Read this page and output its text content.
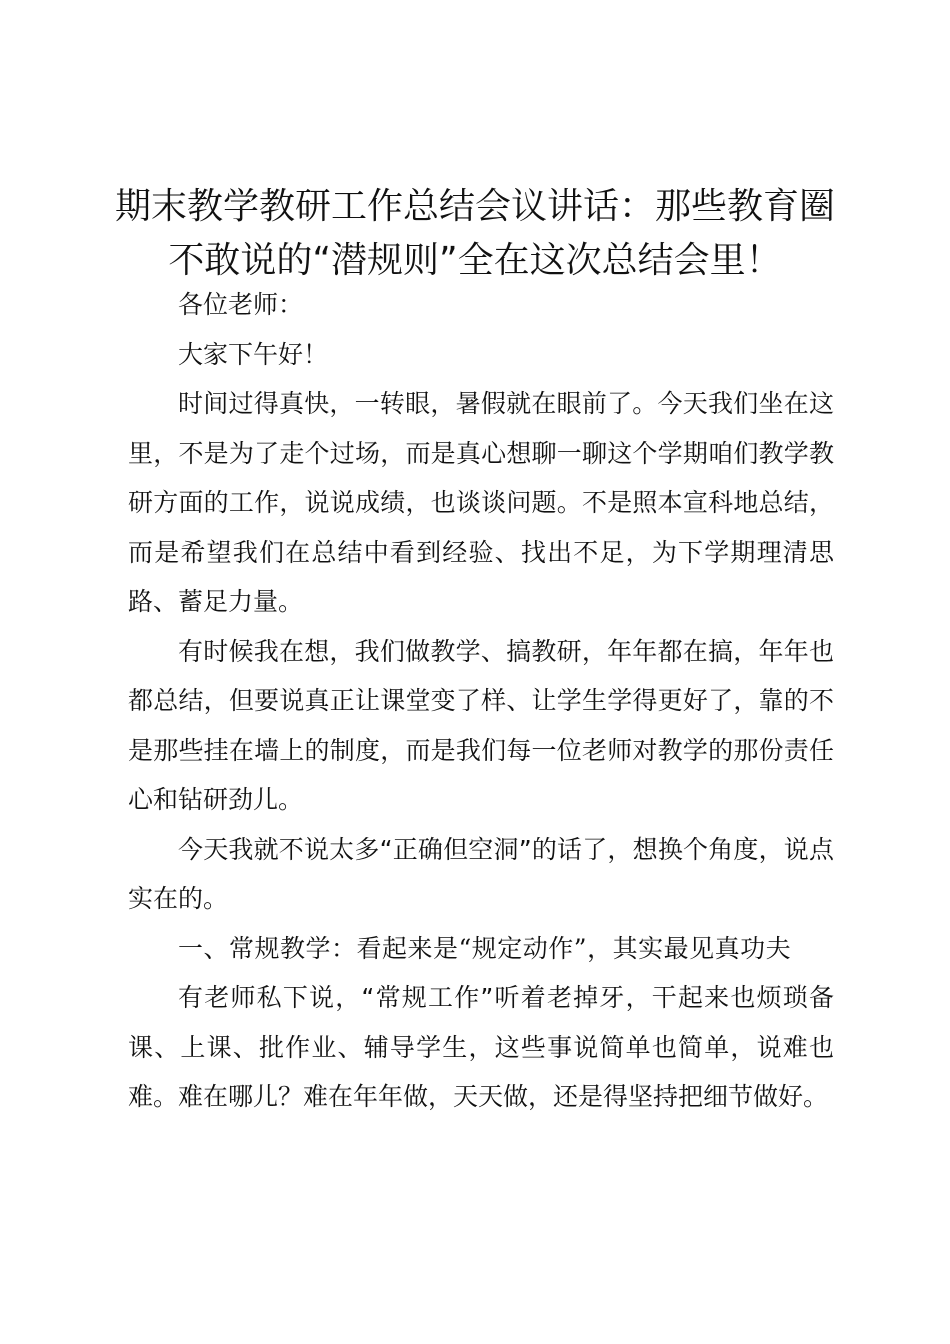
期末教学教研工作总结会议讲话：那些教育圈
不敢说的“潜规则”全在这次总结会里！

各位老师：

大家下午好！

时间过得真快，一转眼，暑假就在眼前了。今天我们坐在这里，不是为了走个过场，而是真心想聊一聊这个学期咱们教学教研方面的工作，说说成绩，也谈谈问题。不是照本宣科地总结，而是希望我们在总结中看到经验、找出不足，为下学期理清思路、蓄足力量。

有时候我在想，我们做教学、搞教研，年年都在搞，年年也都总结，但要说真正让课堂变了样、让学生学得更好了，靠的不是那些挂在墙上的制度，而是我们每一位老师对教学的那份责任心和钻研劲儿。

今天我就不说太多“正确但空洞”的话了，想换个角度，说点实在的。

一、常规教学：看起来是“规定动作”，其实最见真功夫

有老师私下说，“常规工作”听着老掉牙，干起来也烦琐备课、上课、批作业、辅导学生，这些事说简单也简单，说难也难。难在哪儿？难在年年做，天天做，还是得坚持把细节做好。
